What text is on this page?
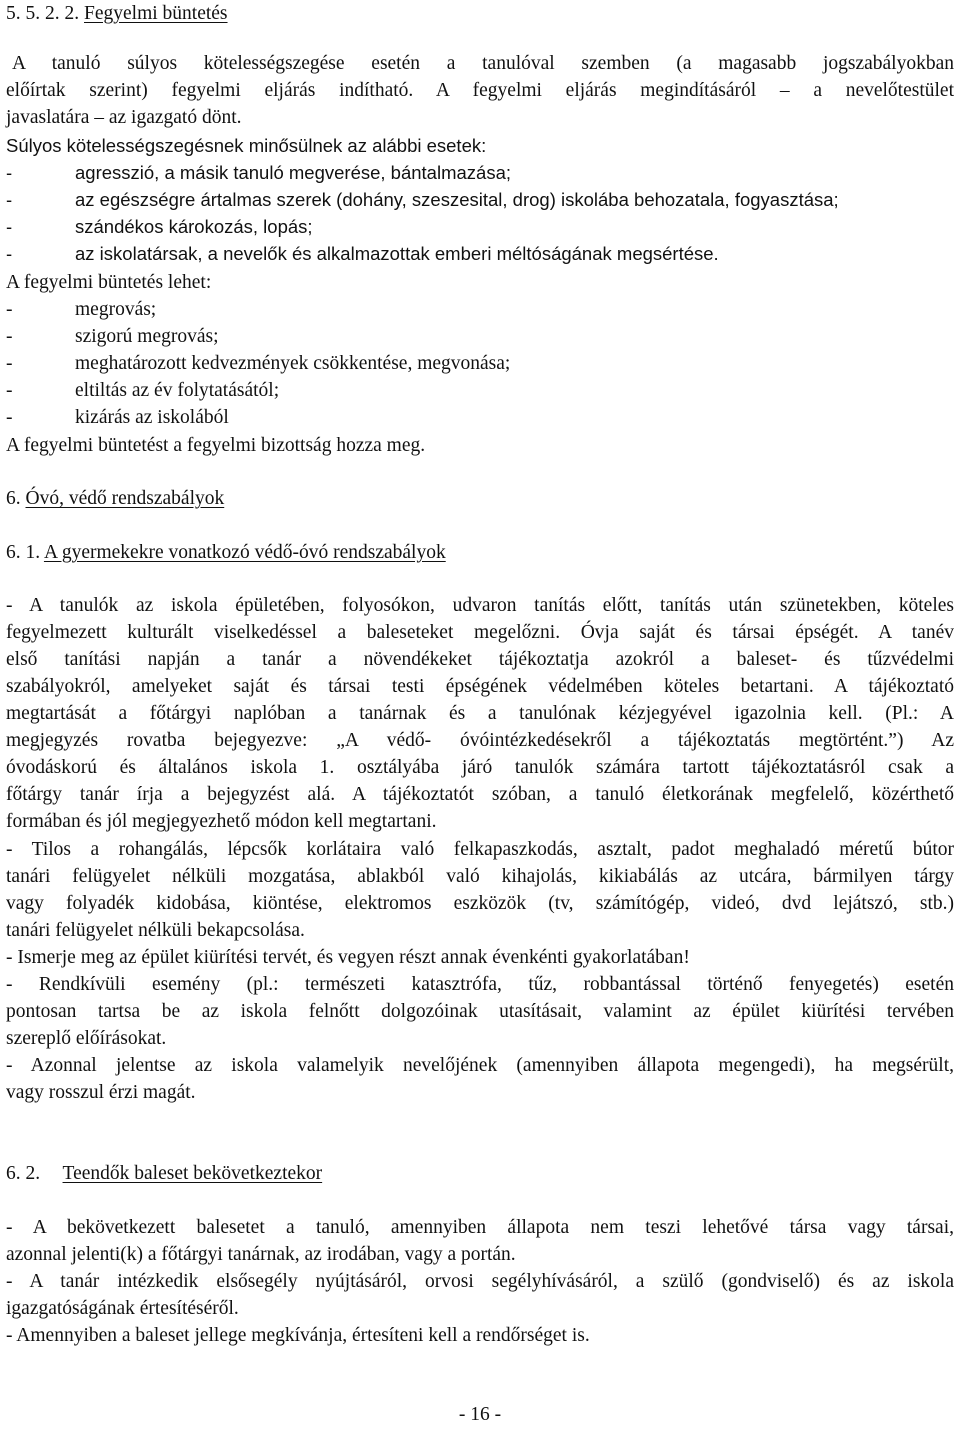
5. 5. 2. 2. Fegyelmi büntetés
A tanuló súlyos kötelességszegése esetén a tanulóval szemben (a magasabb jogszabályokban
előírtak szerint) fegyelmi eljárás indítható. A fegyelmi eljárás megindításáról – a nevelőtestület
javaslatára – az igazgató dönt.
Súlyos kötelességszegésnek minősülnek az alábbi esetek:
-	agresszió, a másik tanuló megverése, bántalmazása;
-	az egészségre ártalmas szerek (dohány, szeszesital, drog) iskolába behozatala, fogyasztása;
-	szándékos károkozás, lopás;
-	az iskolatársak, a nevelők és alkalmazottak emberi méltóságának megsértése.
A fegyelmi büntetés lehet:
-	megrovás;
-	szigorú megrovás;
-	meghatározott kedvezmények csökkentése, megvonása;
-	eltiltás az év folytatásától;
-	kizárás az iskolából
A fegyelmi büntetést a fegyelmi bizottság hozza meg.
6. Óvó, védő rendszabályok
6. 1. A gyermekekre vonatkozó védő-óvó rendszabályok
- A tanulók az iskola épületében, folyosókon, udvaron tanítás előtt, tanítás után szünetekben, köteles
fegyelmezett kulturált viselkedéssel a baleseteket megelőzni. Óvja saját és társai épségét. A tanév
első tanítási napján a tanár a növendékeket tájékoztatja azokról a baleset- és tűzvédelmi
szabályokról, amelyeket saját és társai testi épségének védelmében köteles betartani. A tájékoztató
megtartását a főtárgyi naplóban a tanárnak és a tanulónak kézjegyével igazolnia kell. (Pl.: A
megjegyzés rovatba bejegyezve: „A védő- óvóintézkedésekről a tájékoztatás megtörtént.”) Az
óvodáskorú és általános iskola 1. osztályába járó tanulók számára tartott tájékoztatásról csak a
főtárgy tanár írja a bejegyzést alá. A tájékoztatót szóban, a tanuló életkorának megfelelő, közérthető
formában és jól megjegyezhető módon kell megtartani.
- Tilos a rohangálás, lépcsők korlátaira való felkapaszkodás, asztalt, padot meghaladó méretű bútor
tanári felügyelet nélküli mozgatása, ablakból való kihajolás, kikiabálás az utcára, bármilyen tárgy
vagy folyadék kidobása, kiöntése, elektromos eszközök (tv, számítógép, videó, dvd lejátszó, stb.)
tanári felügyelet nélküli bekapcsolása.
- Ismerje meg az épület kiürítési tervét, és vegyen részt annak évenkénti gyakorlatában!
- Rendkívüli esemény (pl.: természeti katasztrófa, tűz, robbantással történő fenyegetés) esetén
pontosan tartsa be az iskola felnőtt dolgozóinak utasításait, valamint az épület kiürítési tervében
szereplő előírásokat.
- Azonnal jelentse az iskola valamelyik nevelőjének (amennyiben állapota megengedi), ha megsérült,
vagy rosszul érzi magát.
6. 2. Teendők baleset bekövetkeztekor
- A bekövetkezett balesetet a tanuló, amennyiben állapota nem teszi lehetővé társa vagy társai,
azonnal jelenti(k) a főtárgyi tanárnak, az irodában, vagy a portán.
- A tanár intézkedik elsősegély nyújtásáról, orvosi segélyhívásáról, a szülő (gondviselő) és az iskola
igazgatóságának értesítéséről.
- Amennyiben a baleset jellege megkívánja, értesíteni kell a rendőrséget is.
- 16 -
